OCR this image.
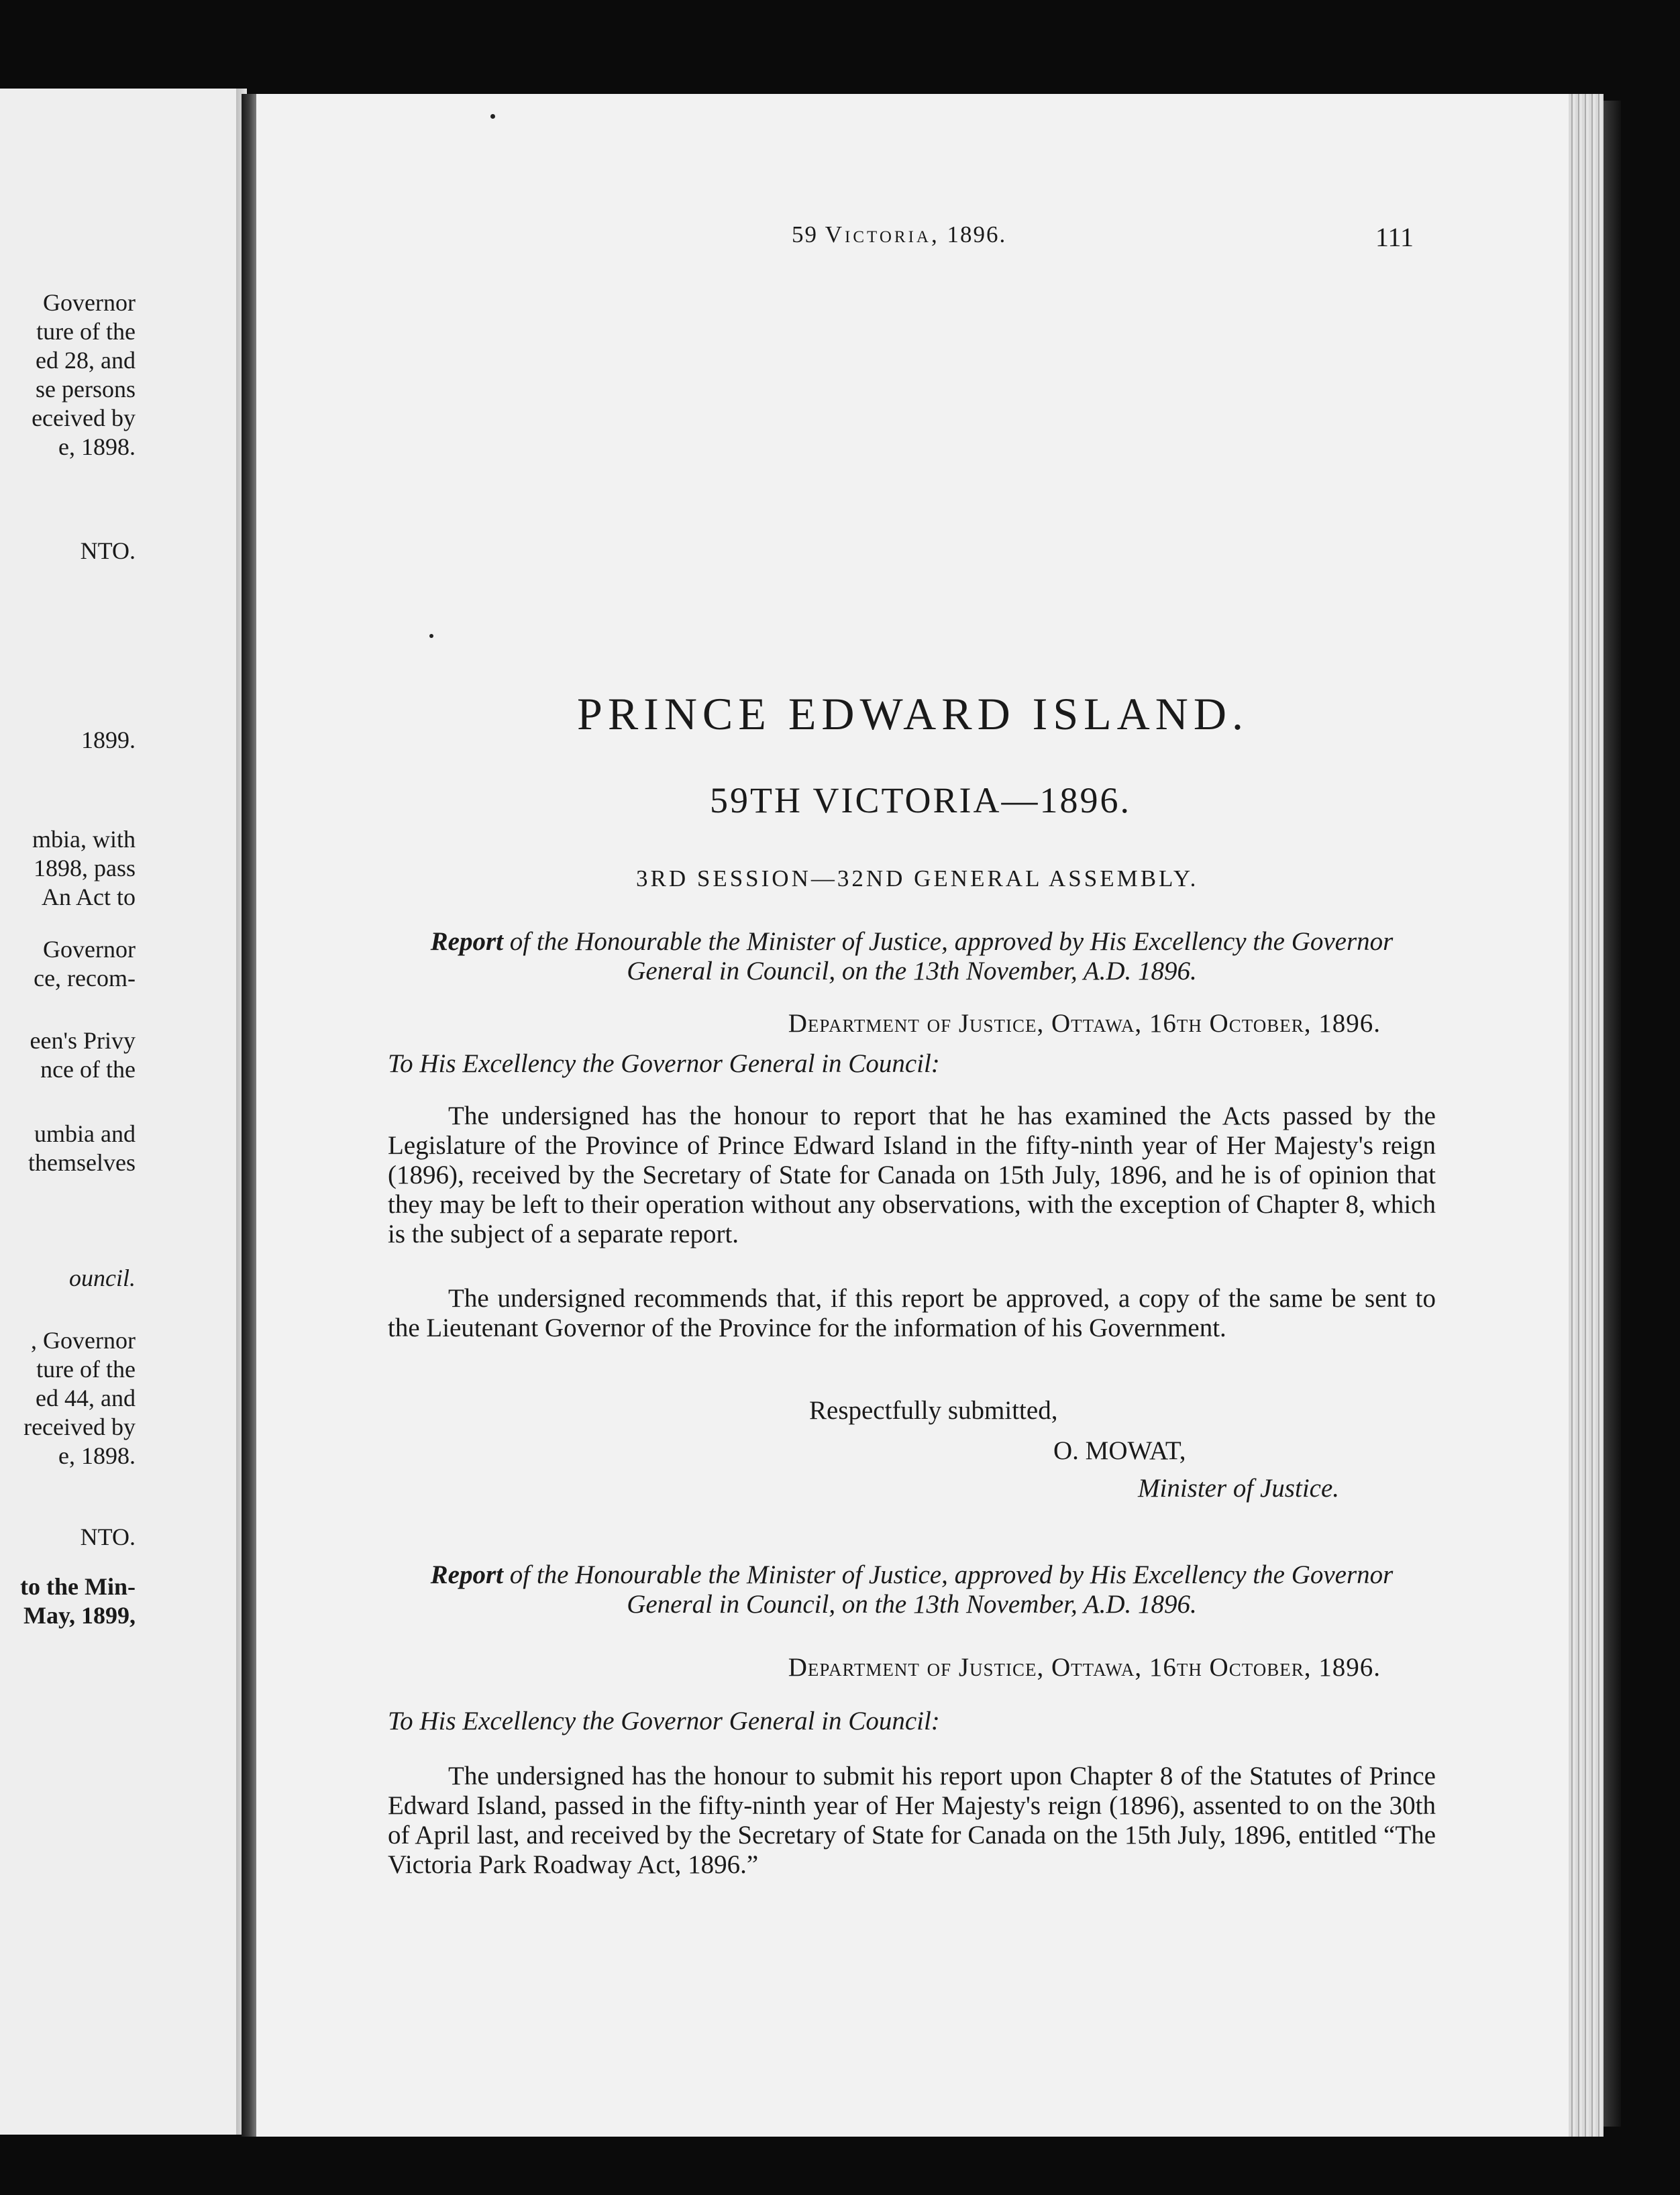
Governor
ture of the
ed 28, and
se persons
eceived by
e, 1898.
NTO.
1899.
mbia, with
1898, pass
An Act to
Governor
ce, recom-
een's Privy
nce of the
umbia and
themselves
ouncil.
, Governor
ture of the
ed 44, and
received by
e, 1898.
NTO.
to the Min-
May, 1899,
59 Victoria, 1896.	111
PRINCE EDWARD ISLAND.
59TH VICTORIA—1896.
3RD SESSION—32ND GENERAL ASSEMBLY.
Report of the Honourable the Minister of Justice, approved by His Excellency the Governor General in Council, on the 13th November, A.D. 1896.
Department of Justice, Ottawa, 16th October, 1896.
To His Excellency the Governor General in Council:

The undersigned has the honour to report that he has examined the Acts passed by the Legislature of the Province of Prince Edward Island in the fifty-ninth year of Her Majesty's reign (1896), received by the Secretary of State for Canada on 15th July, 1896, and he is of opinion that they may be left to their operation without any observations, with the exception of Chapter 8, which is the subject of a separate report.

The undersigned recommends that, if this report be approved, a copy of the same be sent to the Lieutenant Governor of the Province for the information of his Government.

Respectfully submitted,
O. MOWAT,
Minister of Justice.
Report of the Honourable the Minister of Justice, approved by His Excellency the Governor General in Council, on the 13th November, A.D. 1896.
Department of Justice, Ottawa, 16th October, 1896.
To His Excellency the Governor General in Council:

The undersigned has the honour to submit his report upon Chapter 8 of the Statutes of Prince Edward Island, passed in the fifty-ninth year of Her Majesty's reign (1896), assented to on the 30th of April last, and received by the Secretary of State for Canada on the 15th July, 1896, entitled “The Victoria Park Roadway Act, 1896.”
